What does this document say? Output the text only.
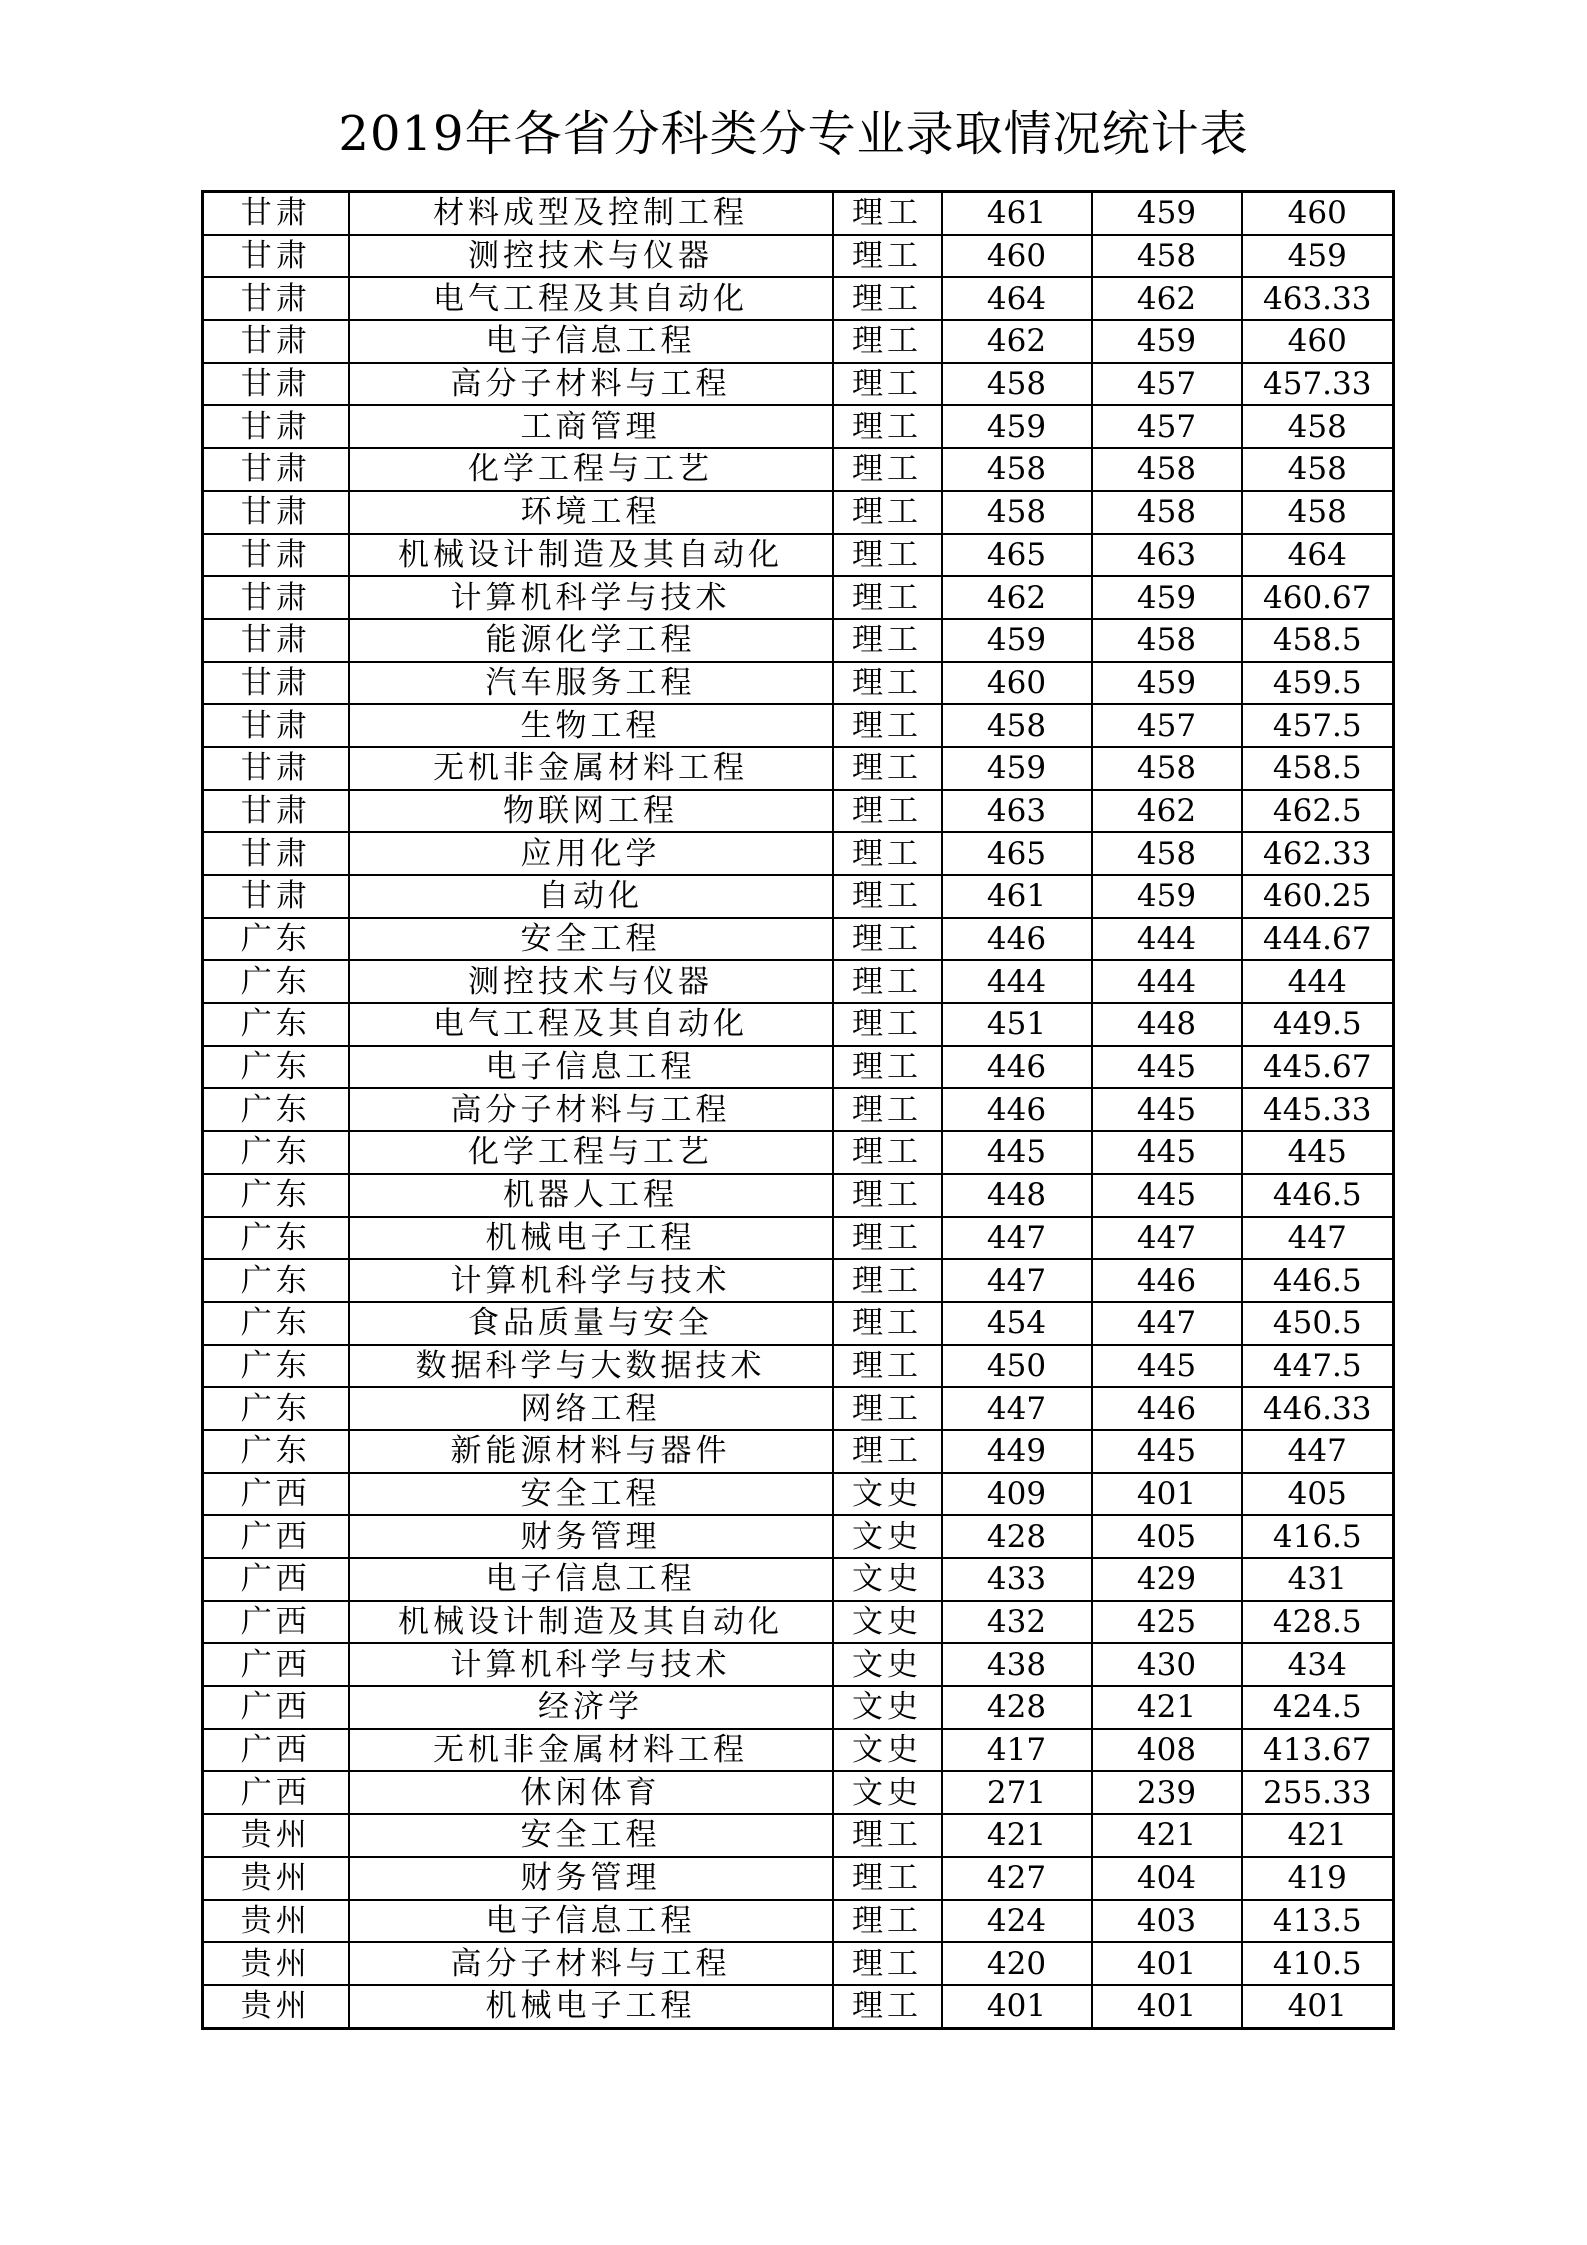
2019年各省分科类分专业录取情况统计表
甘肃	材料成型及控制工程	理工	461	459	460
甘肃	测控技术与仪器	理工	460	458	459
甘肃	电气工程及其自动化	理工	464	462	463.33
甘肃	电子信息工程	理工	462	459	460
甘肃	高分子材料与工程	理工	458	457	457.33
甘肃	工商管理	理工	459	457	458
甘肃	化学工程与工艺	理工	458	458	458
甘肃	环境工程	理工	458	458	458
甘肃	机械设计制造及其自动化	理工	465	463	464
甘肃	计算机科学与技术	理工	462	459	460.67
甘肃	能源化学工程	理工	459	458	458.5
甘肃	汽车服务工程	理工	460	459	459.5
甘肃	生物工程	理工	458	457	457.5
甘肃	无机非金属材料工程	理工	459	458	458.5
甘肃	物联网工程	理工	463	462	462.5
甘肃	应用化学	理工	465	458	462.33
甘肃	自动化	理工	461	459	460.25
广东	安全工程	理工	446	444	444.67
广东	测控技术与仪器	理工	444	444	444
广东	电气工程及其自动化	理工	451	448	449.5
广东	电子信息工程	理工	446	445	445.67
广东	高分子材料与工程	理工	446	445	445.33
广东	化学工程与工艺	理工	445	445	445
广东	机器人工程	理工	448	445	446.5
广东	机械电子工程	理工	447	447	447
广东	计算机科学与技术	理工	447	446	446.5
广东	食品质量与安全	理工	454	447	450.5
广东	数据科学与大数据技术	理工	450	445	447.5
广东	网络工程	理工	447	446	446.33
广东	新能源材料与器件	理工	449	445	447
广西	安全工程	文史	409	401	405
广西	财务管理	文史	428	405	416.5
广西	电子信息工程	文史	433	429	431
广西	机械设计制造及其自动化	文史	432	425	428.5
广西	计算机科学与技术	文史	438	430	434
广西	经济学	文史	428	421	424.5
广西	无机非金属材料工程	文史	417	408	413.67
广西	休闲体育	文史	271	239	255.33
贵州	安全工程	理工	421	421	421
贵州	财务管理	理工	427	404	419
贵州	电子信息工程	理工	424	403	413.5
贵州	高分子材料与工程	理工	420	401	410.5
贵州	机械电子工程	理工	401	401	401
